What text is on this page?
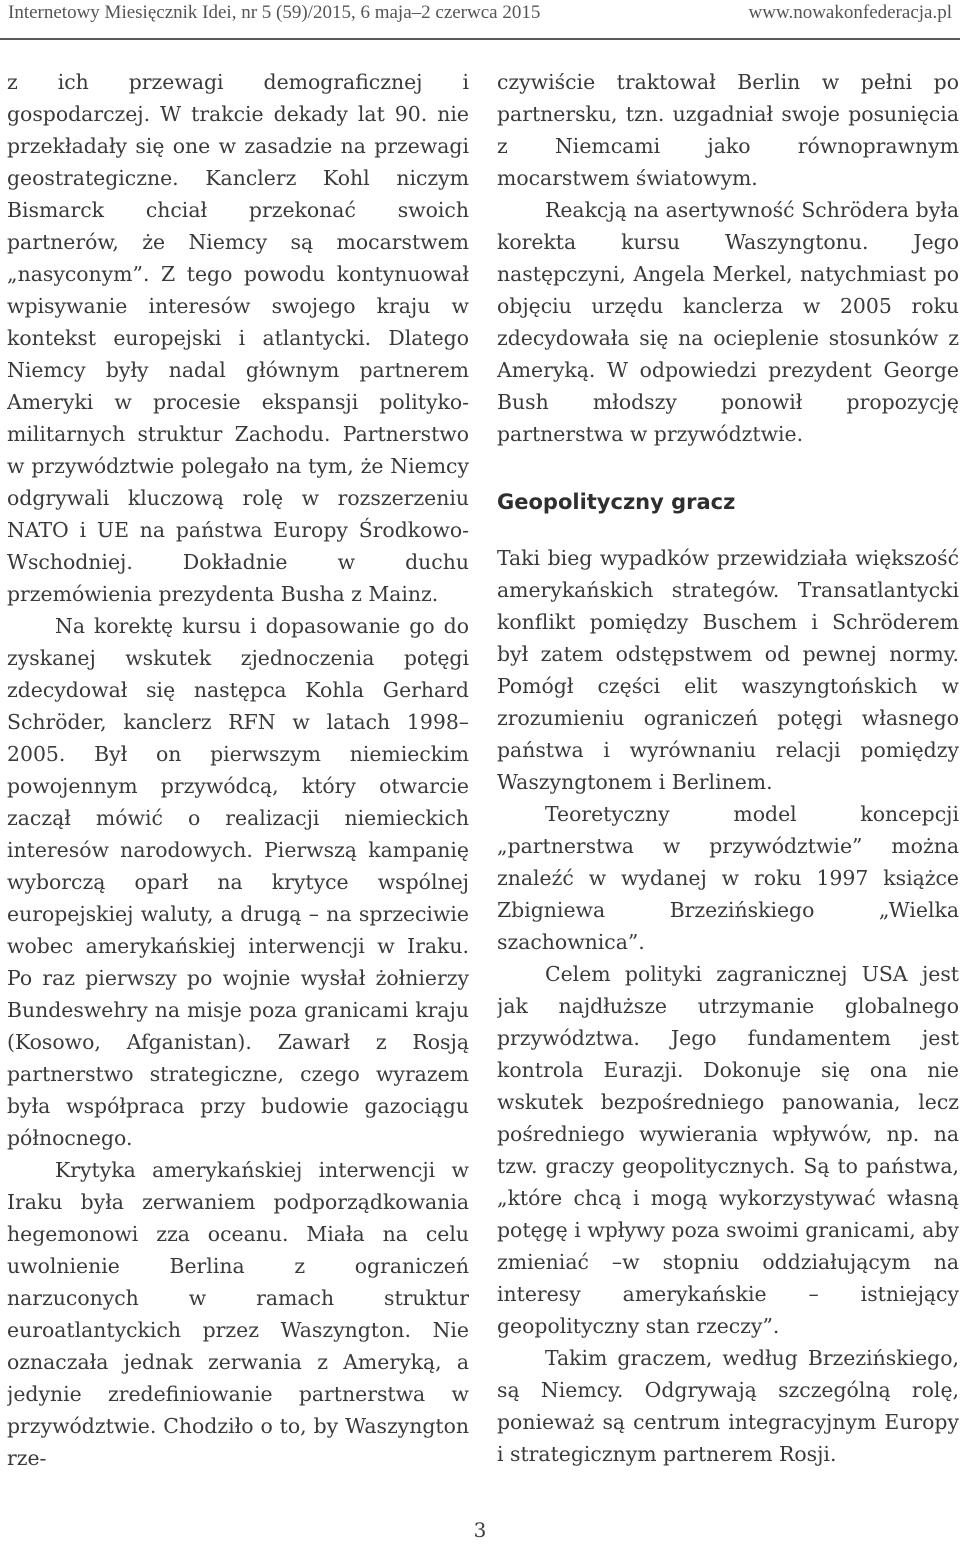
Internetowy Miesięcznik Idei, nr 5 (59)/2015, 6 maja–2 czerwca 2015	www.nowakonfederacja.pl

z ich przewagi demograficznej i gospodarczej. W trakcie dekady lat 90. nie przekładały się one w zasadzie na przewagi geostrategiczne. Kanclerz Kohl niczym Bismarck chciał przekonać swoich partnerów, że Niemcy są mocarstwem „nasyconym”. Z tego powodu kontynuował wpisywanie interesów swojego kraju w kontekst europejski i atlantycki. Dlatego Niemcy były nadal głównym partnerem Ameryki w procesie ekspansji polityko-militarnych struktur Zachodu. Partnerstwo w przywództwie polegało na tym, że Niemcy odgrywali kluczową rolę w rozszerzeniu NATO i UE na państwa Europy Środkowo-Wschodniej. Dokładnie w duchu przemówienia prezydenta Busha z Mainz.

Na korektę kursu i dopasowanie go do zyskanej wskutek zjednoczenia potęgi zdecydował się następca Kohla Gerhard Schröder, kanclerz RFN w latach 1998–2005. Był on pierwszym niemieckim powojennym przywódcą, który otwarcie zaczął mówić o realizacji niemieckich interesów narodowych. Pierwszą kampanię wyborczą oparł na krytyce wspólnej europejskiej waluty, a drugą – na sprzeciwie wobec amerykańskiej interwencji w Iraku. Po raz pierwszy po wojnie wysłał żołnierzy Bundeswehry na misje poza granicami kraju (Kosowo, Afganistan). Zawarł z Rosją partnerstwo strategiczne, czego wyrazem była współpraca przy budowie gazociągu północnego.

Krytyka amerykańskiej interwencji w Iraku była zerwaniem podporządkowania hegemonowi zza oceanu. Miała na celu uwolnienie Berlina z ograniczeń narzuconych w ramach struktur euroatlantyckich przez Waszyngton. Nie oznaczała jednak zerwania z Ameryką, a jedynie zredefiniowanie partnerstwa w przywództwie. Chodziło o to, by Waszyngton rze-

czywiście traktował Berlin w pełni po partnersku, tzn. uzgadniał swoje posunięcia z Niemcami jako równoprawnym mocarstwem światowym.

Reakcją na asertywność Schrödera była korekta kursu Waszyngtonu. Jego następczyni, Angela Merkel, natychmiast po objęciu urzędu kanclerza w 2005 roku zdecydowała się na ocieplenie stosunków z Ameryką. W odpowiedzi prezydent George Bush młodszy ponowił propozycję partnerstwa w przywództwie.

Geopolityczny gracz

Taki bieg wypadków przewidziała większość amerykańskich strategów. Transatlantycki konflikt pomiędzy Buschem i Schröderem był zatem odstępstwem od pewnej normy. Pomógł części elit waszyngtońskich w zrozumieniu ograniczeń potęgi własnego państwa i wyrównaniu relacji pomiędzy Waszyngtonem i Berlinem.

Teoretyczny model koncepcji „partnerstwa w przywództwie” można znaleźć w wydanej w roku 1997 książce Zbigniewa Brzezińskiego „Wielka szachownica”.

Celem polityki zagranicznej USA jest jak najdłuższe utrzymanie globalnego przywództwa. Jego fundamentem jest kontrola Eurazji. Dokonuje się ona nie wskutek bezpośredniego panowania, lecz pośredniego wywierania wpływów, np. na tzw. graczy geopolitycznych. Są to państwa, „które chcą i mogą wykorzystywać własną potęgę i wpływy poza swoimi granicami, aby zmieniać –w stopniu oddziałującym na interesy amerykańskie – istniejący geopolityczny stan rzeczy”.

Takim graczem, według Brzezińskiego, są Niemcy. Odgrywają szczególną rolę, ponieważ są centrum integracyjnym Europy i strategicznym partnerem Rosji.

3
